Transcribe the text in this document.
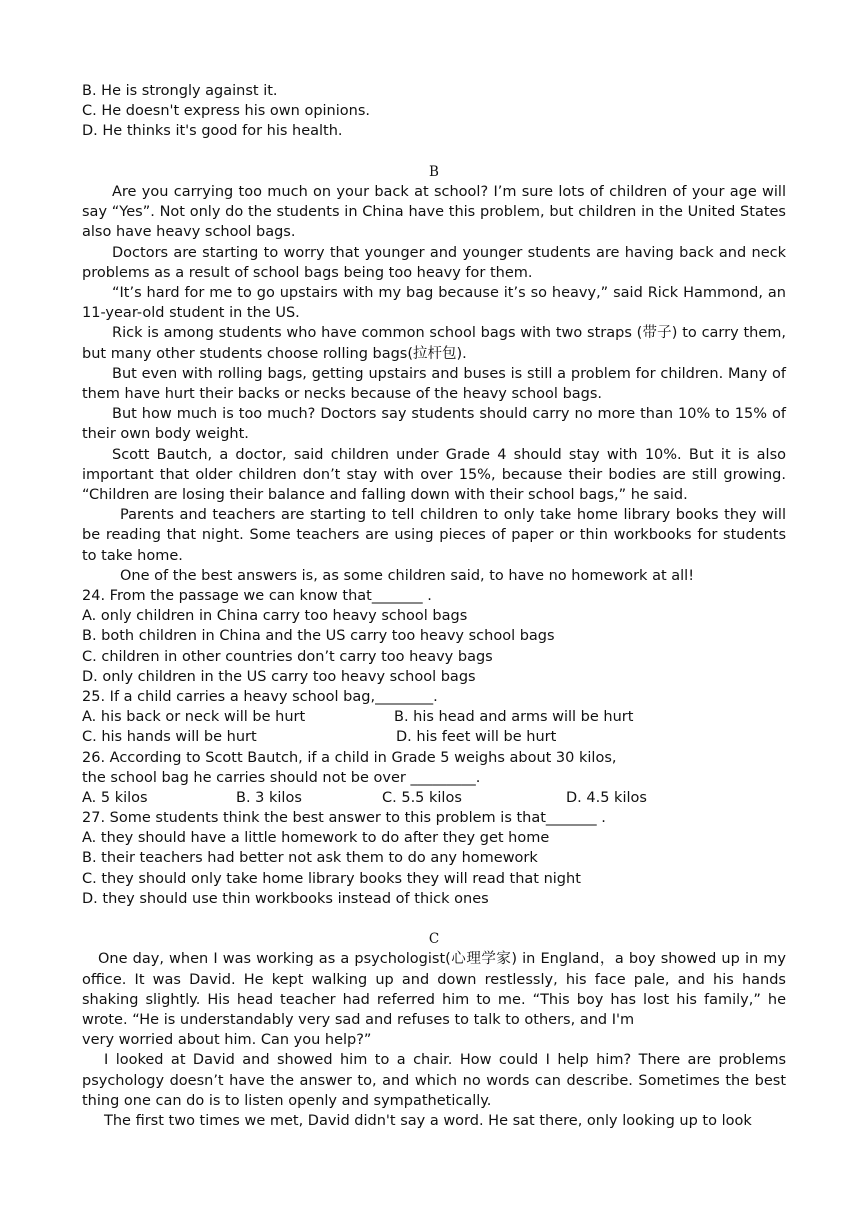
B. He is strongly against it.
C. He doesn't express his own opinions.
D. He thinks it's good for his health.
B
Are you carrying too much on your back at school? I’m sure lots of children of your age will say “Yes”. Not only do the students in China have this problem, but children in the United States also have heavy school bags.
Doctors are starting to worry that younger and younger students are having back and neck problems as a result of school bags being too heavy for them.
“It’s hard for me to go upstairs with my bag because it’s so heavy,” said Rick Hammond, an 11-year-old student in the US.
Rick is among students who have common school bags with two straps (带子) to carry them, but many other students choose rolling bags(拉杆包).
But even with rolling bags, getting upstairs and buses is still a problem for children. Many of them have hurt their backs or necks because of the heavy school bags.
But how much is too much? Doctors say students should carry no more than 10% to 15% of their own body weight.
Scott Bautch, a doctor, said children under Grade 4 should stay with 10%. But it is also important that older children don’t stay with over 15%, because their bodies are still growing. “Children are losing their balance and falling down with their school bags,” he said.
Parents and teachers are starting to tell children to only take home library books they will be reading that night. Some teachers are using pieces of paper or thin workbooks for students to take home.
One of the best answers is, as some children said, to have no homework at all!
24. From the passage we can know that_______ .
A. only children in China carry too heavy school bags
B. both children in China and the US carry too heavy school bags
C. children in other countries don’t carry too heavy bags
D. only children in the US carry too heavy school bags
25. If a child carries a heavy school bag,________.
A. his back or neck will be hurt	B. his head and arms will be hurt
C. his hands will be hurt	D. his feet will be hurt
26. According to Scott Bautch, if a child in Grade 5 weighs about 30 kilos,
the school bag he carries should not be over _________.
A. 5 kilos	B. 3 kilos	C. 5.5 kilos	D. 4.5 kilos
27. Some students think the best answer to this problem is that_______ .
A. they should have a little homework to do after they get home
B. their teachers had better not ask them to do any homework
C. they should only take home library books they will read that night
D. they should use thin workbooks instead of thick ones
C
One day, when I was working as a psychologist(心理学家) in England，a boy showed up in my office. It was David. He kept walking up and down restlessly, his face pale, and his hands shaking slightly. His head teacher had referred him to me. “This boy has lost his family,” he wrote. “He is understandably very sad and refuses to talk to others, and I'm
very worried about him. Can you help?”
I looked at David and showed him to a chair. How could I help him? There are problems psychology doesn’t have the answer to, and which no words can describe. Sometimes the best thing one can do is to listen openly and sympathetically.
The first two times we met, David didn't say a word. He sat there, only looking up to look
